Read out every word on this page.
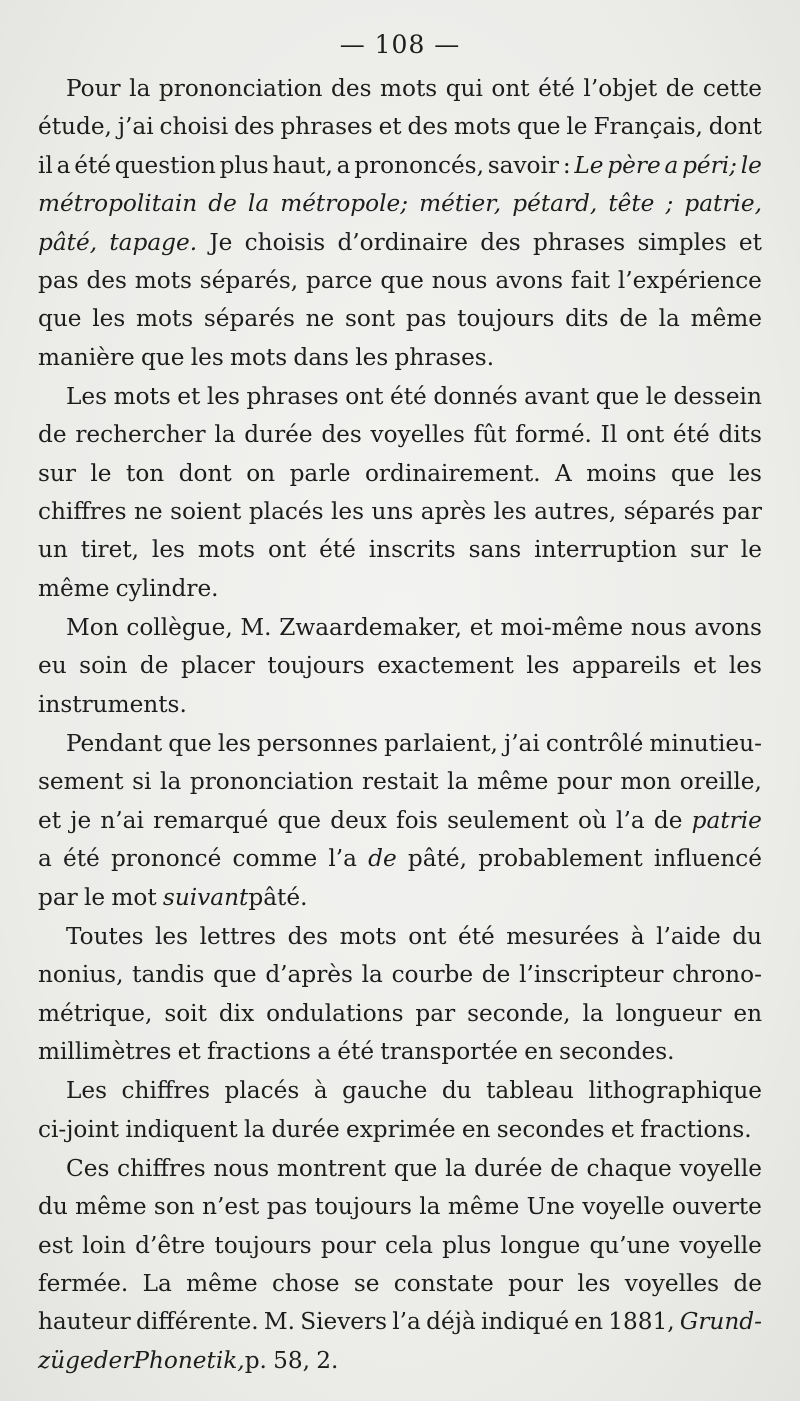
— 108 —
Pour la prononciation des mots qui ont été l’objet de cette
étude, j’ai choisi des phrases et des mots que le Français, dont
il a été question plus haut, a prononcés, savoir : Le père a péri; le
métropolitain de la métropole; métier, pétard, tête ; patrie,
pâté, tapage. Je choisis d’ordinaire des phrases simples et
pas des mots séparés, parce que nous avons fait l’expérience
que les mots séparés ne sont pas toujours dits de la même
manière que les mots dans les phrases.
Les mots et les phrases ont été donnés avant que le dessein
de rechercher la durée des voyelles fût formé. Il ont été dits
sur le ton dont on parle ordinairement. A moins que les
chiffres ne soient placés les uns après les autres, séparés par
un tiret, les mots ont été inscrits sans interruption sur le
même cylindre.
Mon collègue, M. Zwaardemaker, et moi-même nous avons
eu soin de placer toujours exactement les appareils et les
instruments.
Pendant que les personnes parlaient, j’ai contrôlé minutieu-
sement si la prononciation restait la même pour mon oreille,
et je n’ai remarqué que deux fois seulement où l’a de patrie
a été prononcé comme l’a de pâté, probablement influencé
par le mot suivant pâté.
Toutes les lettres des mots ont été mesurées à l’aide du
nonius, tandis que d’après la courbe de l’inscripteur chrono-
métrique, soit dix ondulations par seconde, la longueur en
millimètres et fractions a été transportée en secondes.
Les chiffres placés à gauche du tableau lithographique
ci-joint indiquent la durée exprimée en secondes et fractions.
Ces chiffres nous montrent que la durée de chaque voyelle
du même son n’est pas toujours la même Une voyelle ouverte
est loin d’être toujours pour cela plus longue qu’une voyelle
fermée. La même chose se constate pour les voyelles de
hauteur différente. M. Sievers l’a déjà indiqué en 1881, Grund-
züge der Phonetik, p. 58, 2.
